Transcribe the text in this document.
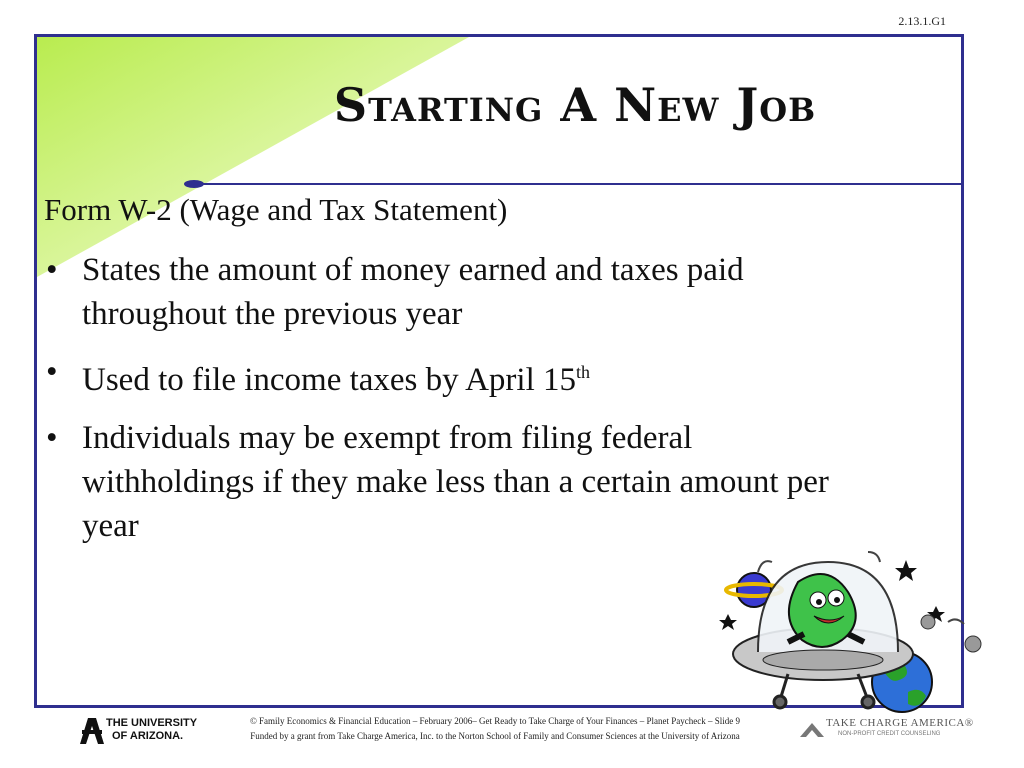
2.13.1.G1
Starting A New Job
Form W-2 (Wage and Tax Statement)
• States the amount of money earned and taxes paid throughout the previous year
• Used to file income taxes by April 15th
• Individuals may be exempt from filing federal withholdings if they make less than a certain amount per year
THE UNIVERSITY
OF ARIZONA.
© Family Economics & Financial Education – February 2006– Get Ready to Take Charge of Your Finances – Planet Paycheck – Slide 9
Funded by a grant from Take Charge America, Inc. to the Norton School of Family and Consumer Sciences at the University of Arizona
TAKE CHARGE AMERICA®
NON-PROFIT CREDIT COUNSELING
